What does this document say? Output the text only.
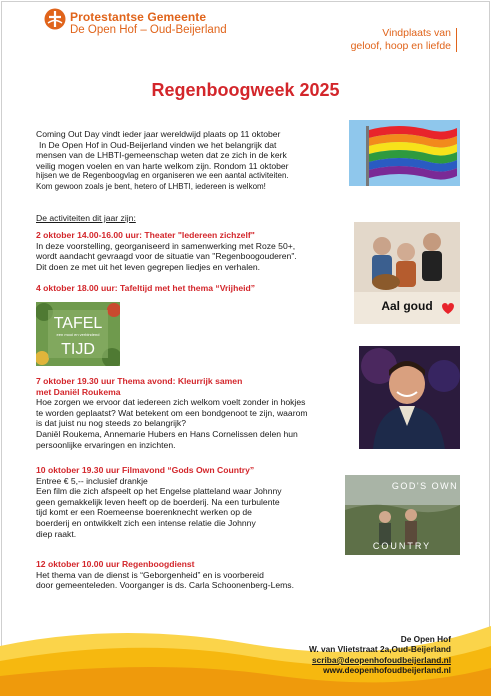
Protestantse Gemeente
De Open Hof – Oud-Beijerland	Vindplaats van
geloof, hoop en liefde
Regenboogweek 2025
Coming Out Day vindt ieder jaar wereldwijd plaats op 11 oktober
In De Open Hof in Oud-Beijerland vinden we het belangrijk dat
mensen van de LHBTI-gemeenschap weten dat ze zich in de kerk
veilig mogen voelen en van harte welkom zijn. Rondom 11 oktober
hijsen we de Regenboogvlag en organiseren we een aantal activiteiten.
Kom gewoon zoals je bent, hetero of LHBTI, iedereen is welkom!
De activiteiten dit jaar zijn:
2 oktober 14.00-16.00 uur: Theater "Iedereen zichzelf"
In deze voorstelling, georganiseerd in samenwerking met Roze 50+,
wordt aandacht gevraagd voor de situatie van "Regenboogouderen".
Dit doen ze met uit het leven gegrepen liedjes en verhalen.
Aal goud
4 oktober 18.00 uur: Tafeltijd met het thema “Vrijheid”
TAFEL
een mooi en verbindend
TIJD
7 oktober 19.30 uur Thema avond: Kleurrijk samen
met Daniël Roukema
Hoe zorgen we ervoor dat iedereen zich welkom voelt zonder in hokjes
te worden geplaatst? Wat betekent om een bondgenoot te zijn, waarom
is dat juist nu nog steeds zo belangrijk?
Daniël Roukema, Annemarie Hubers en Hans Cornelissen delen hun
persoonlijke ervaringen en inzichten.
10 oktober 19.30 uur Filmavond “Gods Own Country”
Entree € 5,-- inclusief drankje
Een film die zich afspeelt op het Engelse platteland waar Johnny
geen gemakkelijk leven heeft op de boerderij. Na een turbulente
tijd komt er een Roemeense boerenknecht werken op de
boerderij en ontwikkelt zich een intense relatie die Johnny
diep raakt.
GOD'S OWN
COUNTRY
12 oktober 10.00 uur Regenboogdienst
Het thema van de dienst is “Geborgenheid” en is voorbereid
door gemeenteleden. Voorganger is ds. Carla Schoonenberg-Lems.
De Open Hof
W. van Vlietstraat 2a,Oud-Beijerland
scriba@deopenhofoudbeijerland.nl
www.deopenhofoudbeijerland.nl
